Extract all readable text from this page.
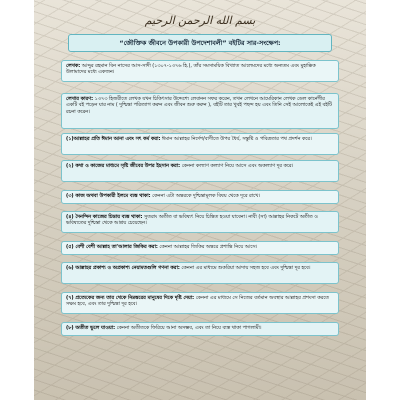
بسم الله الرحمن الرحيم
“জৌক্তিক জীবনে উপকারী উপদেশাবলী” বইটির সার-সংক্ষেপ:
লেখক: আব্দুর রহমান বিন নাসের আস-সাদী (১৩০৭-১৩৭৬ হি.), তাঁর সমসাময়িক বিখ্যাত আলেমদের মধ্যে অন্যতম এবং মুহাক্কিক উলামাদের মধ্যে একজন।
লেখার কারণ: ১৩৭৩ হিজরীতে লেখক যখন চিকিৎসার উদ্দেশ্যে লেবানন সফর করেন, তখন লেখনে আমেরিকান লেখক ডেল কার্নেগীর একটি বই পড়েন যার নাম ( দুশ্চিন্তা পরিত্যাগ করুন এবং জীবন শুরু করুন ), বইটি তার খুবই পছন্দ হয় এবং তিনি সেই আলোকেই এই বইটি রচনা করেন।
(১)আল্লাহর প্রতি ঈমান আনা এবং সৎ কর্ম করা: ঈমান আল্লাহর নির্দেশ/বাণীতে উপর ধৈর্য, সন্তুষ্টি ও পবিত্রতার পথ প্রদর্শন করে।
(২) কথা ও কাজের মাধ্যমে সৃষ্টি জীবের উপর ইহসান করা: কেননা কল্যাণ কল্যাণ নিয়ে আসে এবং অকল্যাণ দূর করে।
(৩) কাজ অথবা উপকারী ইলমে ব্যস্ত থাকা: কেননা এটা অন্তরকে দুশ্চিন্তামূলক বিষয় থেকে দূরে রাখে।
(৪) দৈনন্দিন কাজের চিন্তায় ব্যস্ত থাকা: সুতরাং অতীত বা ভবিষ্যৎ নিয়ে চিন্তিত হওয়া যাবেনা। নাবী (সা) আল্লাহর নিকটে অতীত ও ভবিষ্যতের দুশ্চিন্তা থেকে আশ্রয় চেয়েছেন।
(৫) বেশী বেশী আল্লাহ তা'আলার জিকির করা: কেননা আল্লাহর জিকির অন্তরে প্রশান্তি নিয়ে আসে।
(৬) আল্লাহর প্রকাশ্য ও অপ্রকাশ্য নেয়ামতগুলি গণনা করা: কেননা এর মাধ্যমে শুকরিয়া আদায় সহজ হবে এবং দুশ্চিন্তা দূর হবে।
(৭) প্রত্যেকের জন্য তার থেকে নিম্নস্তরের মানুষের দিকে দৃষ্টি দেয়া: কেননা এর মাধ্যমে সে নিজের বর্তমান অবস্থার আল্লাহর প্রশংসা করতে সক্ষম হবে, এবং তার দুশ্চিন্তা দূর হবে।
(৮) অতীত ভুলে যাওয়া: কেননা অতীতকে ফিরিয়ে আনা অসম্ভব, এবং তা নিয়ে ব্যস্ত থাকা পাগলামী।
